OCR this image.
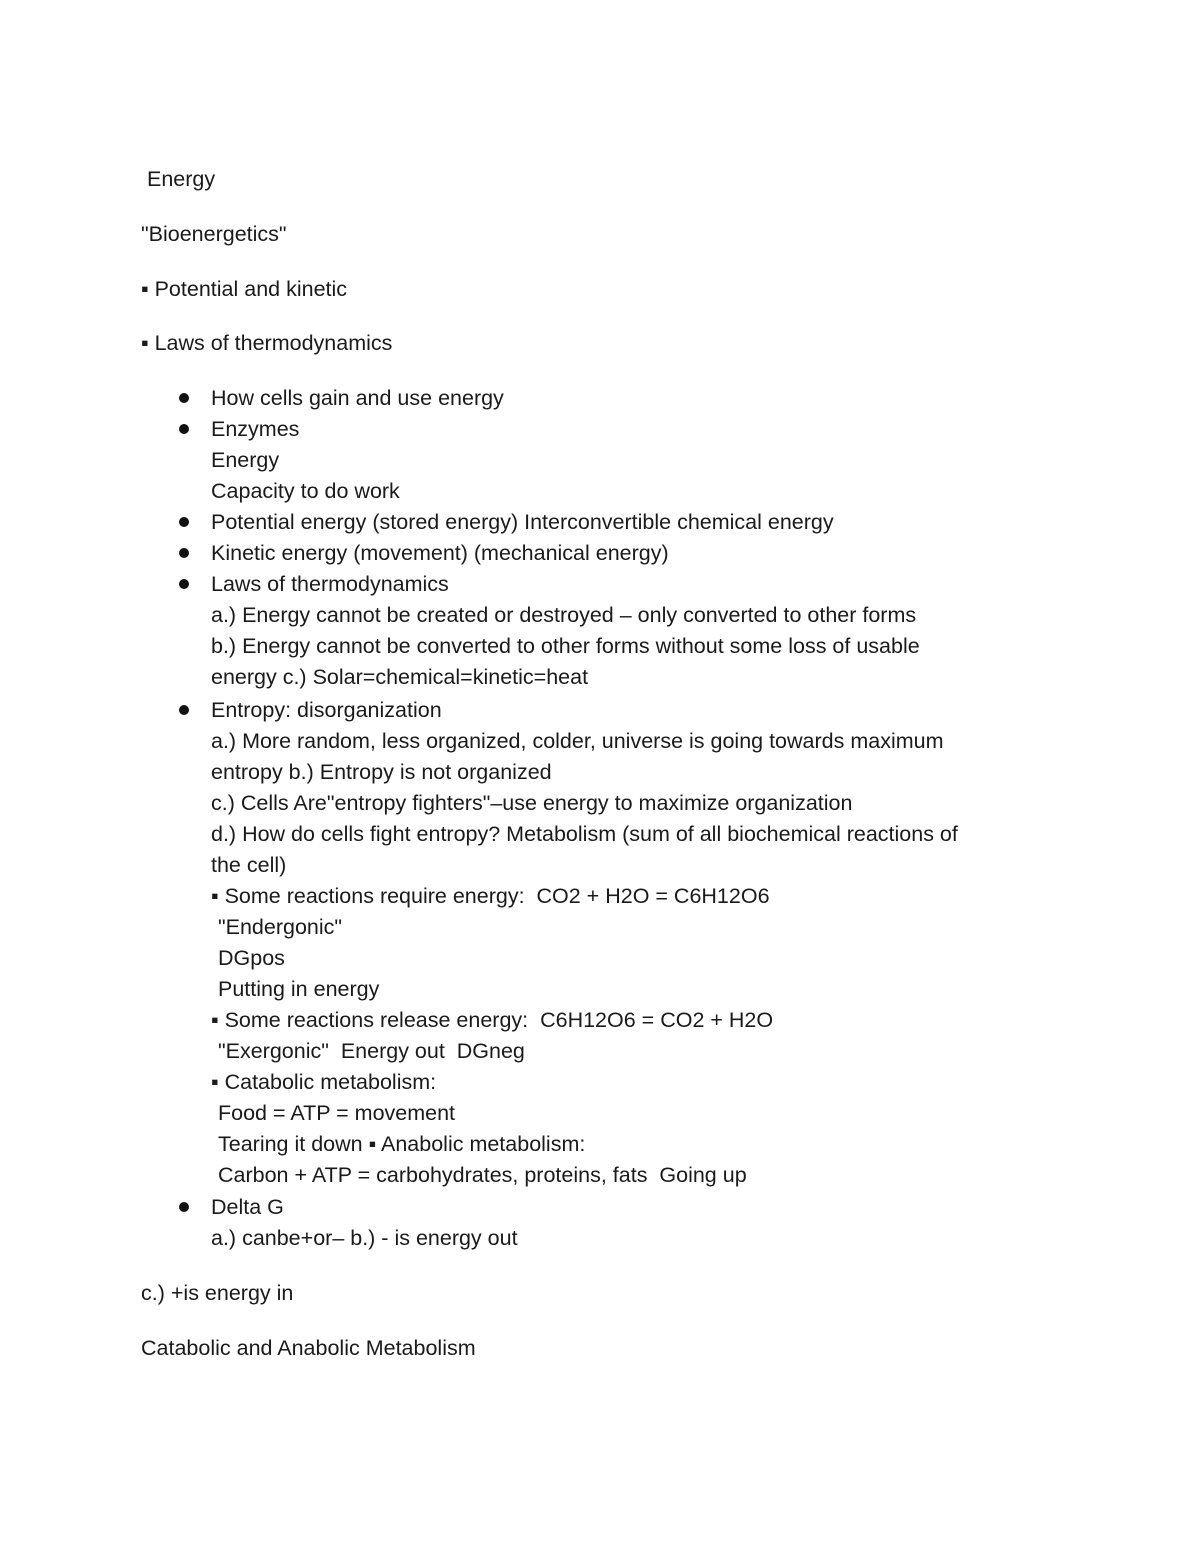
Energy
"Bioenergetics"
▪ Potential and kinetic
▪ Laws of thermodynamics
How cells gain and use energy
Enzymes
Energy
Capacity to do work
Potential energy (stored energy) Interconvertible chemical energy
Kinetic energy (movement) (mechanical energy)
Laws of thermodynamics
a.) Energy cannot be created or destroyed – only converted to other forms
b.) Energy cannot be converted to other forms without some loss of usable
energy c.) Solar=chemical=kinetic=heat
Entropy: disorganization
a.) More random, less organized, colder, universe is going towards maximum
entropy b.) Entropy is not organized
c.) Cells Are"entropy fighters"–use energy to maximize organization
d.) How do cells fight entropy? Metabolism (sum of all biochemical reactions of
the cell)
▪ Some reactions require energy:  CO2 + H2O = C6H12O6
"Endergonic"
DGpos
Putting in energy
▪ Some reactions release energy:  C6H12O6 = CO2 + H2O
"Exergonic"  Energy out  DGneg
▪ Catabolic metabolism:
Food = ATP = movement
Tearing it down ▪ Anabolic metabolism:
Carbon + ATP = carbohydrates, proteins, fats  Going up
Delta G
a.) canbe+or– b.) - is energy out
c.) +is energy in
Catabolic and Anabolic Metabolism
